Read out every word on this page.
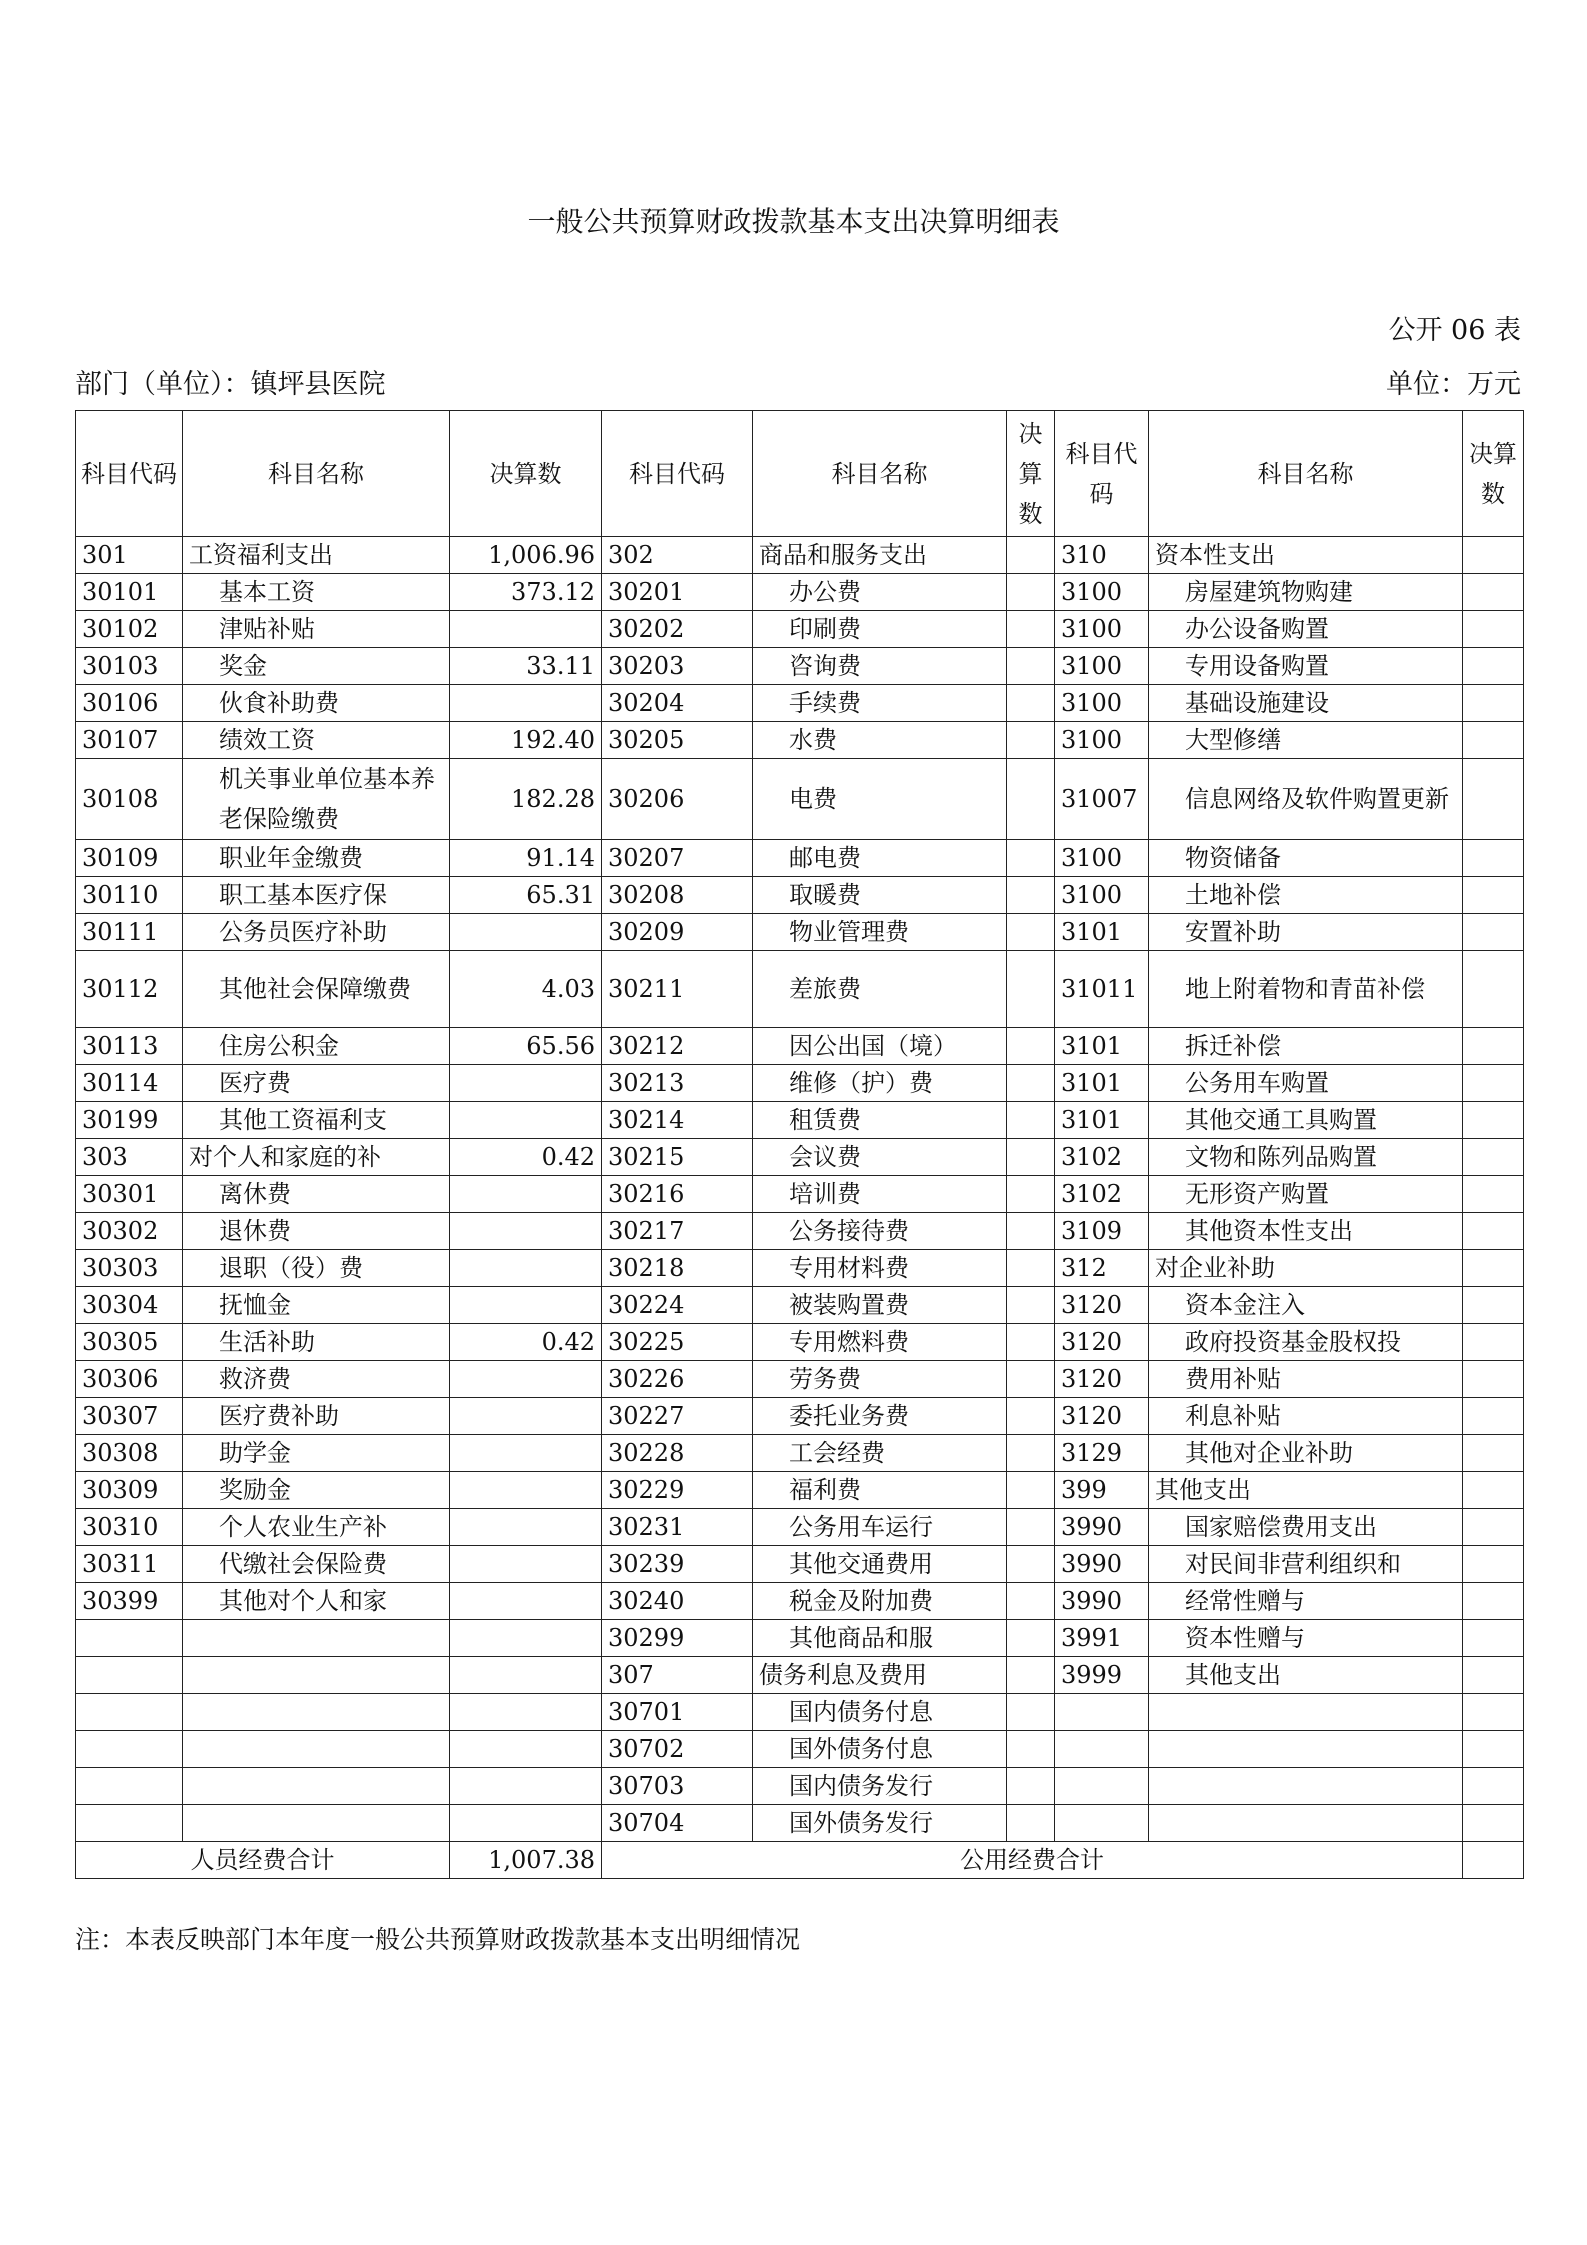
一般公共预算财政拨款基本支出决算明细表
公开 06 表
部门（单位）：镇坪县医院	单位：万元
科目代码	科目名称	决算数	科目代码	科目名称	决算数	科目代码	科目名称	决算数
301	工资福利支出	1,006.96	302	商品和服务支出		310	资本性支出	
30101	基本工资	373.12	30201	办公费		3100	房屋建筑物购建	
30102	津贴补贴		30202	印刷费		3100	办公设备购置	
30103	奖金	33.11	30203	咨询费		3100	专用设备购置	
30106	伙食补助费		30204	手续费		3100	基础设施建设	
30107	绩效工资	192.40	30205	水费		3100	大型修缮	
30108	机关事业单位基本养老保险缴费	182.28	30206	电费		31007	信息网络及软件购置更新	
30109	职业年金缴费	91.14	30207	邮电费		3100	物资储备	
30110	职工基本医疗保	65.31	30208	取暖费		3100	土地补偿	
30111	公务员医疗补助		30209	物业管理费		3101	安置补助	
30112	其他社会保障缴费	4.03	30211	差旅费		31011	地上附着物和青苗补偿	
30113	住房公积金	65.56	30212	因公出国（境）		3101	拆迁补偿	
30114	医疗费		30213	维修（护）费		3101	公务用车购置	
30199	其他工资福利支		30214	租赁费		3101	其他交通工具购置	
303	对个人和家庭的补	0.42	30215	会议费		3102	文物和陈列品购置	
30301	离休费		30216	培训费		3102	无形资产购置	
30302	退休费		30217	公务接待费		3109	其他资本性支出	
30303	退职（役）费		30218	专用材料费		312	对企业补助	
30304	抚恤金		30224	被装购置费		3120	资本金注入	
30305	生活补助	0.42	30225	专用燃料费		3120	政府投资基金股权投	
30306	救济费		30226	劳务费		3120	费用补贴	
30307	医疗费补助		30227	委托业务费		3120	利息补贴	
30308	助学金		30228	工会经费		3129	其他对企业补助	
30309	奖励金		30229	福利费		399	其他支出	
30310	个人农业生产补		30231	公务用车运行		3990	国家赔偿费用支出	
30311	代缴社会保险费		30239	其他交通费用		3990	对民间非营利组织和	
30399	其他对个人和家		30240	税金及附加费		3990	经常性赠与	
			30299	其他商品和服		3991	资本性赠与	
			307	债务利息及费用		3999	其他支出	
			30701	国内债务付息				
			30702	国外债务付息				
			30703	国内债务发行				
			30704	国外债务发行				
人员经费合计		1,007.38	公用经费合计					
注：本表反映部门本年度一般公共预算财政拨款基本支出明细情况
